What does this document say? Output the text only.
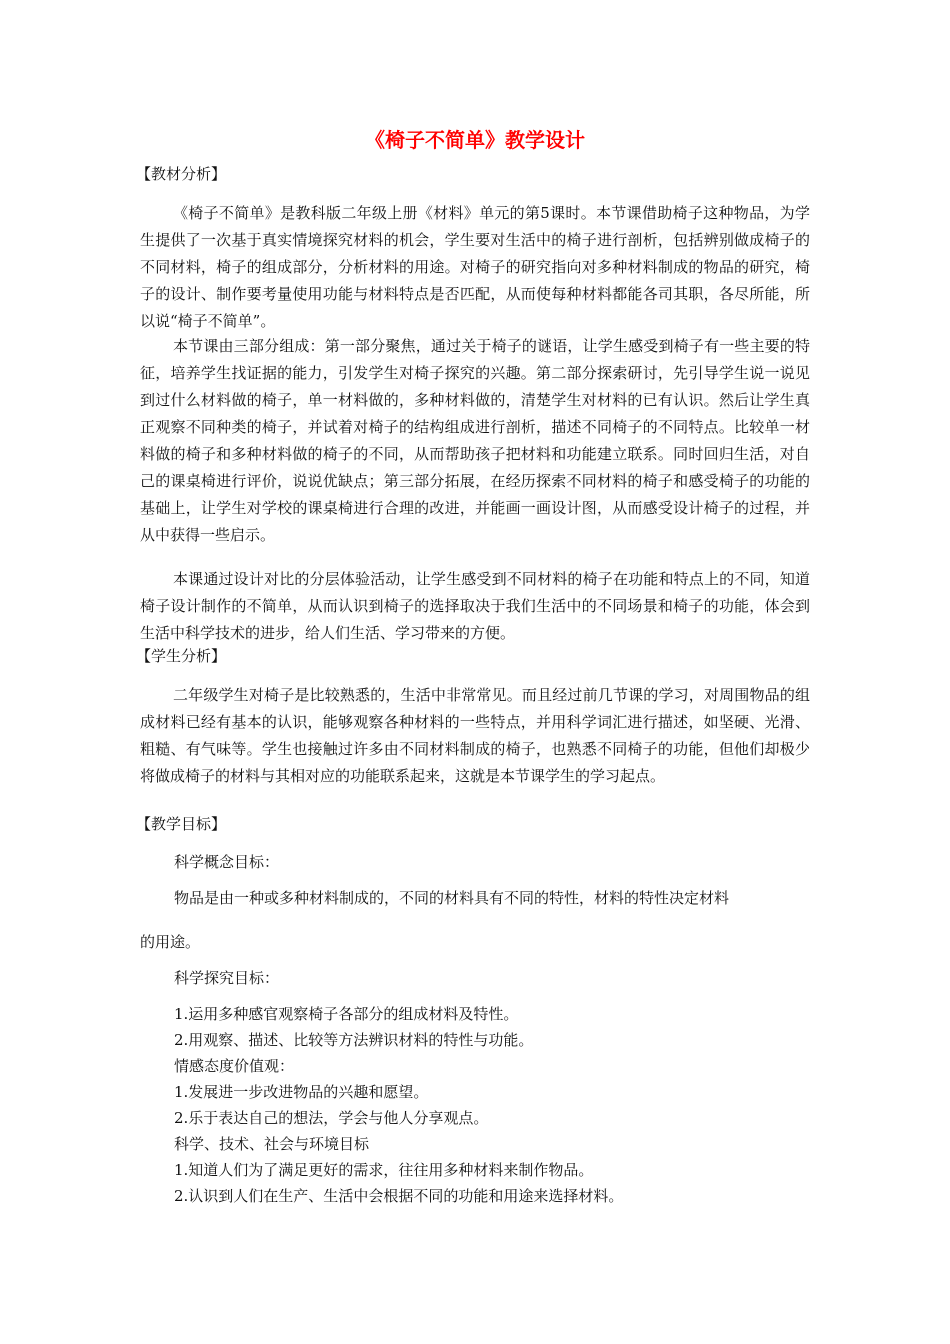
《椅子不简单》教学设计
【教材分析】

《椅子不简单》是教科版二年级上册《材料》单元的第5课时。本节课借助椅子这种物品，为学生提供了一次基于真实情境探究材料的机会，学生要对生活中的椅子进行剖析，包括辨别做成椅子的不同材料，椅子的组成部分，分析材料的用途。对椅子的研究指向对多种材料制成的物品的研究，椅子的设计、制作要考量使用功能与材料特点是否匹配，从而使每种材料都能各司其职，各尽所能，所以说“椅子不简单”。

本节课由三部分组成：第一部分聚焦，通过关于椅子的谜语，让学生感受到椅子有一些主要的特征，培养学生找证据的能力，引发学生对椅子探究的兴趣。第二部分探索研讨，先引导学生说一说见到过什么材料做的椅子，单一材料做的，多种材料做的，清楚学生对材料的已有认识。然后让学生真正观察不同种类的椅子，并试着对椅子的结构组成进行剖析，描述不同椅子的不同特点。比较单一材料做的椅子和多种材料做的椅子的不同，从而帮助孩子把材料和功能建立联系。同时回归生活，对自己的课桌椅进行评价，说说优缺点；第三部分拓展，在经历探索不同材料的椅子和感受椅子的功能的基础上，让学生对学校的课桌椅进行合理的改进，并能画一画设计图，从而感受设计椅子的过程，并从中获得一些启示。

本课通过设计对比的分层体验活动，让学生感受到不同材料的椅子在功能和特点上的不同，知道椅子设计制作的不简单，从而认识到椅子的选择取决于我们生活中的不同场景和椅子的功能，体会到生活中科学技术的进步，给人们生活、学习带来的方便。

【学生分析】

二年级学生对椅子是比较熟悉的，生活中非常常见。而且经过前几节课的学习，对周围物品的组成材料已经有基本的认识，能够观察各种材料的一些特点，并用科学词汇进行描述，如坚硬、光滑、粗糙、有气味等。学生也接触过许多由不同材料制成的椅子，也熟悉不同椅子的功能，但他们却极少将做成椅子的材料与其相对应的功能联系起来，这就是本节课学生的学习起点。

【教学目标】
科学概念目标：
物品是由一种或多种材料制成的，不同的材料具有不同的特性，材料的特性决定材料
的用途。
科学探究目标：
1.运用多种感官观察椅子各部分的组成材料及特性。
2.用观察、描述、比较等方法辨识材料的特性与功能。
情感态度价值观：
1.发展进一步改进物品的兴趣和愿望。
2.乐于表达自己的想法，学会与他人分享观点。
科学、技术、社会与环境目标
1.知道人们为了满足更好的需求，往往用多种材料来制作物品。
2.认识到人们在生产、生活中会根据不同的功能和用途来选择材料。
